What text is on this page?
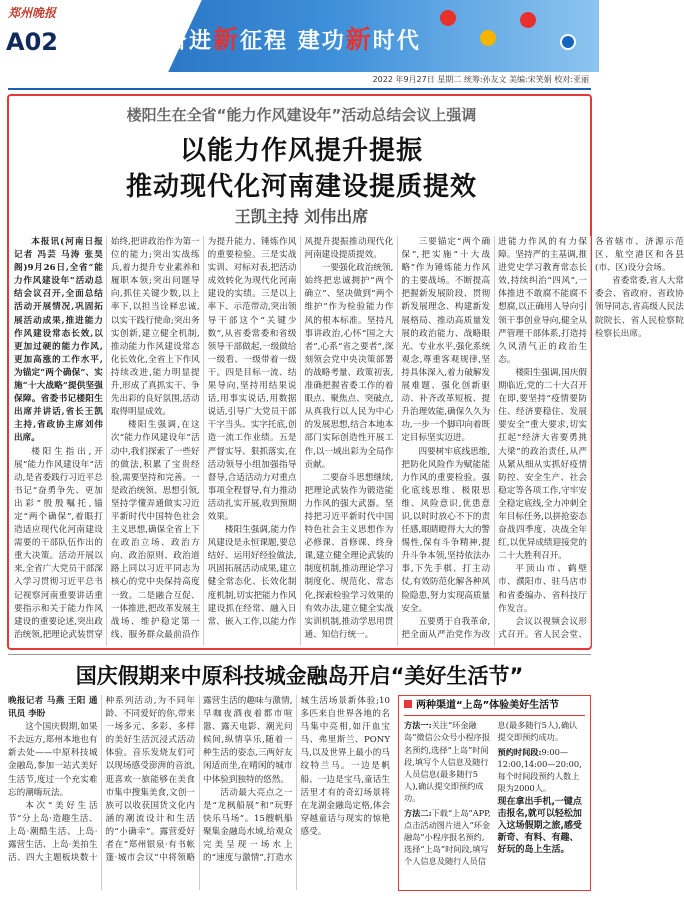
郑州晚报
A02	奋进新征程 建功新时代
2022 年9月27日 星期二 统筹:孙友文 美编:宋笑娟 校对:亚丽
楼阳生在全省“能力作风建设年”活动总结会议上强调
以能力作风提升提振
推动现代化河南建设提质提效
王凯主持 刘伟出席

本报讯(河南日报记者 冯芸 马涛 张昊阁)9月26日,全省“能力作风建设年”活动总结会议召开,全面总结活动开展情况,巩固拓展活动成果,推进能力作风建设常态长效,以更加过硬的能力作风,更加高涨的工作水平,为锚定“两个确保”、实施“十大战略”提供坚强保障。省委书记楼阳生出席并讲话,省长王凯主持,省政协主席刘伟出席。

楼阳生指出,开展“能力作风建设年”活动,是省委践行习近平总书记“奋勇争先、更加出彩”殷殷嘱托,锚定“两个确保”,着眼打造适应现代化河南建设需要的干部队伍作出的重大决策。活动开展以来,全省广大党员干部深入学习贯彻习近平总书记视察河南重要讲话重要指示和关于能力作风建设的重要论述,突出政治统领,把理论武装贯穿始终,把讲政治作为第一位的能力;突出实战练兵,着力提升专业素养和履职本领;突出问题导向,抓住关键少数,以上率下,以担当诠释忠诚,以实干践行使命;突出务实创新,建立健全机制,推动能力作风建设常态化长效化,全省上下作风持续改进,能力明显提升,形成了真抓实干、争先出彩的良好氛围,活动取得明显成效。

楼阳生强调,在这次“能力作风建设年”活动中,我们探索了一些好的做法,积累了宝贵经验,需要坚持和完善。一是政治统领、思想引领,坚持学懂弄通做实习近平新时代中国特色社会主义思想,确保全省上下在政治立场、政治方向、政治原则、政治道路上同以习近平同志为核心的党中央保持高度一致。二是融合互促、一体推进,把改革发展主战场、维护稳定第一线、服务群众最前沿作为提升能力、锤炼作风的重要检验。三是实战实训、对标对表,把活动成效转化为现代化河南建设的实绩。三是以上率下、示范带动,突出领导干部这个“关键少数”,从省委常委和省级领导干部做起,一级做给一级看、一级带着一级干。四是目标一流、结果导向,坚持用结果说话,用事实说话,用数据说话,引导广大党员干部干字当头、实字托底,创造一流工作业绩。五是严督实导、狠抓落实,在活动领导小组加强指导督导,合适活动力对重点事项全程督导,有力推动活动扎实开展,收到预期效果。

楼阳生强调,能力作风建设是永恒课题,要总结好、运用好经验做法,巩固拓展活动成果,建立健全常态化、长效化制度机制,切实把能力作风建设抓在经常、融入日常、嵌入工作,以能力作风提升提振推动现代化河南建设提质提效。

一要强化政治统领,始终把忠诚拥护“两个确立”、坚决做到“两个维护”作为检验能力作风的根本标准。坚持凡事讲政治,心怀“国之大者”,心系“省之要者”,深刻领会党中央决策部署的战略考量、政策初衷,准确把握省委工作的着眼点、聚焦点、突破点,从真我行以人民为中心的发展思想,结合本地本部门实际创造性开展工作,以一域出彩为全局作贡献。

二要奋斗思想继续,把理论武装作为锻造能力作风的强大武器。坚持把习近平新时代中国特色社会主义思想作为必修课、首修课、终身课,建立健全理论武装的制度机制,推动理论学习制度化、规范化、常态化,探索检验学习效果的有效办法,建立健全实战实训机制,推动学思用贯通、知信行统一。

三要锚定“两个确保”,把实施“十大战略”作为锤炼能力作风的主要战场。不断提高把握新发展阶段、贯彻新发展理念、构建新发展格局、推动高质量发展的政治能力、战略眼光、专业水平,强化系统观念,尊重客观规律,坚持具体深入,着力破解发展难题、强化创新驱动、补齐改革短板、提升治理效能,确保久久为功,一步一个脚印向着既定目标坚实迈进。

四要树牢底线思维,把防化风险作为赋能能力作风的重要检验。强化底线思维、极限思维、风险意识,优患意识,以时时放心不下的责任感,眼睛瞪得大大的警惕性,保有斗争精神,提升斗争本领,坚持依法办事,下先手棋、打主动仗,有效防范化解各种风险隐患,努力实现高质量安全。

五要勇于自我革命,把全面从严治党作为改进能力作风的有力保障。坚持严的主基调,推进党史学习教育常态长效,持续纠治“四风”,一体推进不敢腐不能腐不想腐,以正确用人导向引领干事创业导向,健全从严管理干部体系,打造持久风清气正的政治生态。

楼阳生强调,国庆假期临近,党的二十大召开在即,要坚持“疫情要防住、经济要稳住、发展要安全”重大要求,切实扛起“经济大省要勇挑大梁”的政治责任,从严从紧从细从实抓好疫情防控、安全生产、社会稳定等各项工作,守牢安全稳定底线,全力冲刺全年目标任务,以拼抢姿态奋战四季度、决战全年红,以优异成绩迎接党的二十大胜利召开。

平顶山市、鹤壁市、濮阳市、驻马店市和省委编办、省科技厅作发言。

会议以视频会议形式召开。省人民会堂、各省辖市、济源示范区、航空港区和各县(市、区)设分会场。

省委常委,省人大常委会、省政府、省政协领导同志,省高级人民法院院长、省人民检察院检察长出席。

国庆假期来中原科技城金融岛开启“美好生活节”

晚报记者 马燕 王阳 通讯员 李盼

这个国庆假期,如果不去远方,郑州本地也有新去处——中原科技城金融岛,参加一站式美好生活节,度过一个充实难忘的潮嗨玩法。

本次“美好生活节”分上岛·造趣生活、上岛·潮酷生活、上岛·露营生活、上岛·美拍生活、四大主题板块数十种系列活动,为不同年龄、不同爱好的你,带来一场多元、多彩、多样的美好生活沉浸式活动体验。音乐发烧友们可以现场感受澎湃的音浪,逛喜欢一旅能够在美食市集中搜集美食,文创一族可以收获国货文化内涵的潮流设计和生活的“小确幸”。露营爱好者在“郑州银泉·有书帐篷·城市会议”中将领略露营生活的趣味与激情,早咖夜酒夜着都市喧嚣、露天电影、潮光问候间,纵情享乐,随着一种生活的姿态,三两好友闲适而坐,在晴闲的城市中体验到独特的悠然。

活动最大亮点之一是“龙枫船展”和“玩野快乐马场”。15艘帆船聚集金融岛水域,给观众完美呈现一场水上的“速度与激情”,打造水城生活场景新体验;10多匹来自世界各地的名马集中亮相,如汗血宝马、弗里斯兰、PONY马,以及世界上最小的马纹特兰马。一边是帆船、一边是宝马,童话生活里才有的奇幻场景将在龙湖金融岛定格,体会穿越童话与现实的惊艳感受。

两种渠道“上岛”体验美好生活节

方法一:关注“环金融岛”微信公众号小程序报名预约,选择“上岛”时间段,填写个人信息及随行人员信息(最多随行5人),确认提交即预约成功。

方法二:下载“上岛”APP,点击活动图片进入“环金融岛”小程序报名预约,选择“上岛”时间段,填写个人信息及随行人员信息(最多随行5人),确认提交即预约成功。

预约时间段:9:00—12:00,14:00—20:00,每个时间段预约人数上限为2000人。

现在拿出手机,一键点击报名,就可以轻松加入这场假期之旅,感受新奇、有料、有趣、好玩的岛上生活。
